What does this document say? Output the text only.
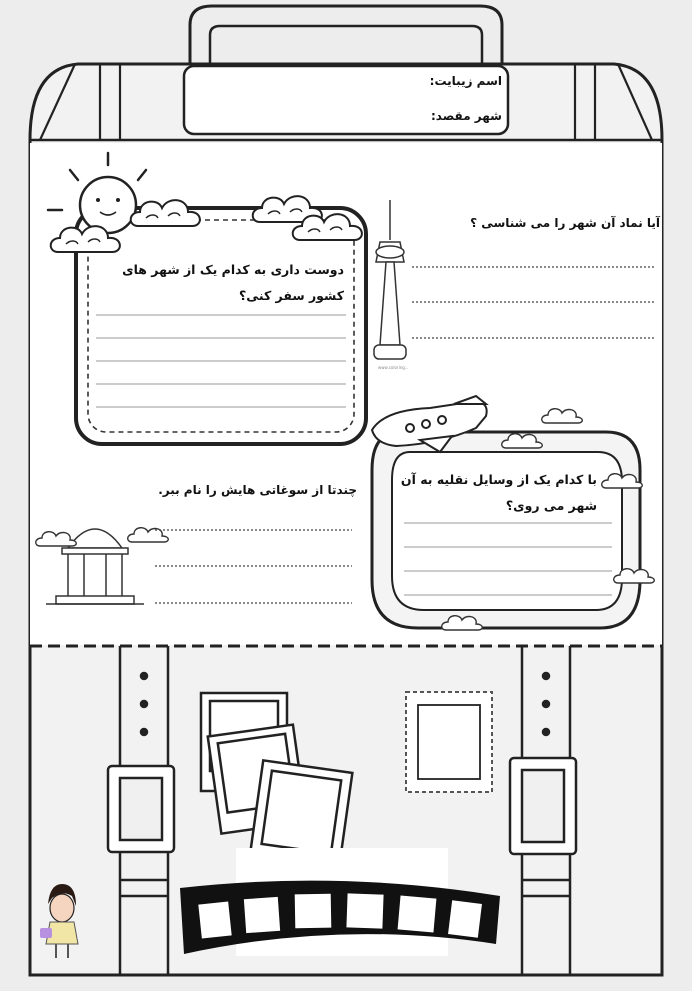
www.coloring...
اسم زیبایت:
شهر مقصد:
آیا نماد آن شهر را می شناسی ؟
دوست داری به کدام یک از شهر های کشور سفر کنی؟
چندتا از سوغاتی هایش را نام ببر.
با کدام یک از وسایل نقلیه به آن شهر می روی؟
